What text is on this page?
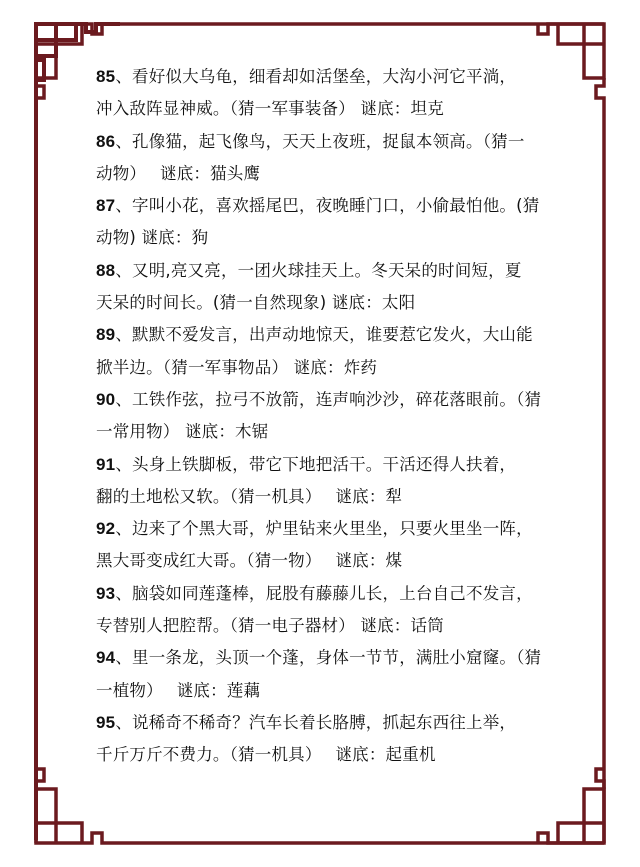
85、看好似大乌龟，细看却如活堡垒，大沟小河它平淌，
冲入敌阵显神威。（猜一军事装备） 谜底：坦克
86、孔像猫，起飞像鸟，天天上夜班，捉鼠本领高。（猜一
动物）　 谜底：猫头鹰
87、字叫小花，喜欢摇尾巴，夜晚睡门口，小偷最怕他。(猜
动物) 谜底：狗
88、又明,亮又亮，一团火球挂天上。冬天呆的时间短，夏
天呆的时间长。(猜一自然现象) 谜底：太阳
89、默默不爱发言，出声动地惊天，谁要惹它发火，大山能
掀半边。（猜一军事物品） 谜底：炸药
90、工铁作弦，拉弓不放箭，连声响沙沙，碎花落眼前。（猜
一常用物） 谜底：木锯
91、头身上铁脚板，带它下地把活干。干活还得人扶着，
翻的土地松又软。（猜一机具）　 谜底：犁
92、边来了个黑大哥，炉里钻来火里坐，只要火里坐一阵，
黑大哥变成红大哥。（猜一物）　 谜底：煤
93、脑袋如同莲蓬棒，屁股有藤藤儿长，上台自己不发言，
专替别人把腔帮。（猜一电子器材） 谜底：话筒
94、里一条龙，头顶一个蓬，身体一节节，满肚小窟窿。（猜
一植物）　 谜底：莲藕
95、说稀奇不稀奇？汽车长着长胳膊，抓起东西往上举，
千斤万斤不费力。（猜一机具）　 谜底：起重机
